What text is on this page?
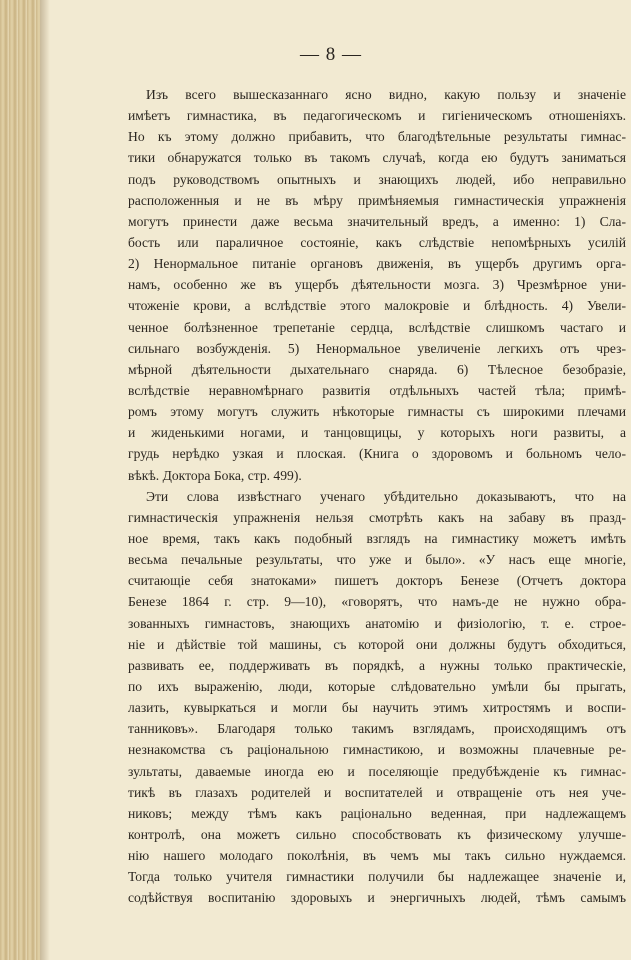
— 8 —
Изъ всего вышесказаннаго ясно видно, какую пользу и значеніе
имѣетъ гимнастика, въ педагогическомъ и гигіеническомъ отношеніяхъ.
Но къ этому должно прибавить, что благодѣтельные результаты гимнас-
тики обнаружатся только въ такомъ случаѣ, когда ею будутъ заниматься
подъ руководствомъ опытныхъ и знающихъ людей, ибо неправильно
расположенныя и не въ мѣру примѣняемыя гимнастическія упражненія
могутъ принести даже весьма значительный вредъ, а именно: 1) Сла-
бость или параличное состояніе, какъ слѣдствіе непомѣрныхъ усилій
2) Ненормальное питаніе органовъ движенія, въ ущербъ другимъ орга-
намъ, особенно же въ ущербъ дѣятельности мозга. 3) Чрезмѣрное уни-
чтоженіе крови, а вслѣдствіе этого малокровіе и блѣдность. 4) Увели-
ченное болѣзненное трепетаніе сердца, вслѣдствіе слишкомъ частаго и
сильнаго возбужденія. 5) Ненормальное увеличеніе легкихъ отъ чрез-
мѣрной дѣятельности дыхательнаго снаряда. 6) Тѣлесное безобразіе,
вслѣдствіе неравномѣрнаго развитія отдѣльныхъ частей тѣла; примѣ-
ромъ этому могутъ служить нѣкоторые гимнасты съ широкими плечами
и жиденькими ногами, и танцовщицы, у которыхъ ноги развиты, а
грудь нерѣдко узкая и плоская. (Книга о здоровомъ и больномъ чело-
вѣкѣ. Доктора Бока, стр. 499).
Эти слова извѣстнаго ученаго убѣдительно доказываютъ, что на
гимнастическія упражненія нельзя смотрѣть какъ на забаву въ празд-
ное время, такъ какъ подобный взглядъ на гимнастику можетъ имѣть
весьма печальные результаты, что уже и было». «У насъ еще многіе,
считающіе себя знатоками» пишетъ докторъ Бенезе (Отчетъ доктора
Бенезе 1864 г. стр. 9—10), «говорятъ, что намъ-де не нужно обра-
зованныхъ гимнастовъ, знающихъ анатомію и физіологію, т. е. строе-
ніе и дѣйствіе той машины, съ которой они должны будутъ обходиться,
развивать ее, поддерживать въ порядкѣ, а нужны только практическіе,
по ихъ выраженію, люди, которые слѣдовательно умѣли бы прыгать,
лазить, кувыркаться и могли бы научить этимъ хитростямъ и воспи-
танниковъ». Благодаря только такимъ взглядамъ, происходящимъ отъ
незнакомства съ раціональною гимнастикою, и возможны плачевные ре-
зультаты, даваемые иногда ею и поселяющіе предубѣжденіе къ гимнас-
тикѣ въ глазахъ родителей и воспитателей и отвращеніе отъ нея уче-
никовъ; между тѣмъ какъ раціонально веденная, при надлежащемъ
контролѣ, она можетъ сильно способствовать къ физическому улучше-
нію нашего молодаго поколѣнія, въ чемъ мы такъ сильно нуждаемся.
Тогда только учителя гимнастики получили бы надлежащее значеніе и,
содѣйствуя воспитанію здоровыхъ и энергичныхъ людей, тѣмъ самымъ
